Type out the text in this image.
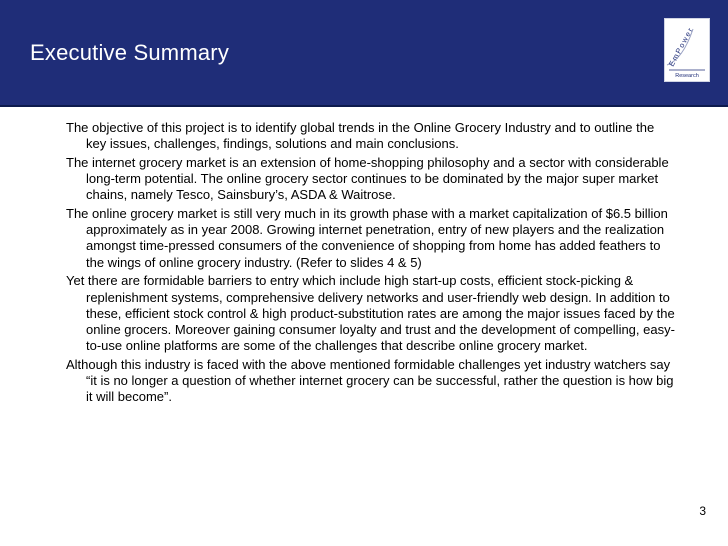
Executive Summary	EmPower
Research

The objective of this project is to identify global trends in the Online Grocery Industry and to outline the key issues, challenges, findings, solutions and main conclusions.

The internet grocery market is an extension of home-shopping philosophy and a sector with considerable long-term potential. The online grocery sector continues to be dominated by the major super market chains, namely Tesco, Sainsbury’s, ASDA & Waitrose.

The online grocery market is still very much in its growth phase with a market capitalization of $6.5 billion approximately as in year 2008. Growing internet penetration, entry of new players and the realization amongst time-pressed consumers of the convenience of shopping from home has added feathers to the wings of online grocery industry. (Refer to slides 4 & 5)

Yet there are formidable barriers to entry which include high start-up costs, efficient stock-picking & replenishment systems, comprehensive delivery networks and user-friendly web design. In addition to these, efficient stock control & high product-substitution rates are among the major issues faced by the online grocers. Moreover gaining consumer loyalty and trust and the development of compelling, easy-to-use online platforms are some of the challenges that describe online grocery market.

Although this industry is faced with the above mentioned formidable challenges yet industry watchers say “it is no longer a question of whether internet grocery can be successful, rather the question is how big it will become”.

3
